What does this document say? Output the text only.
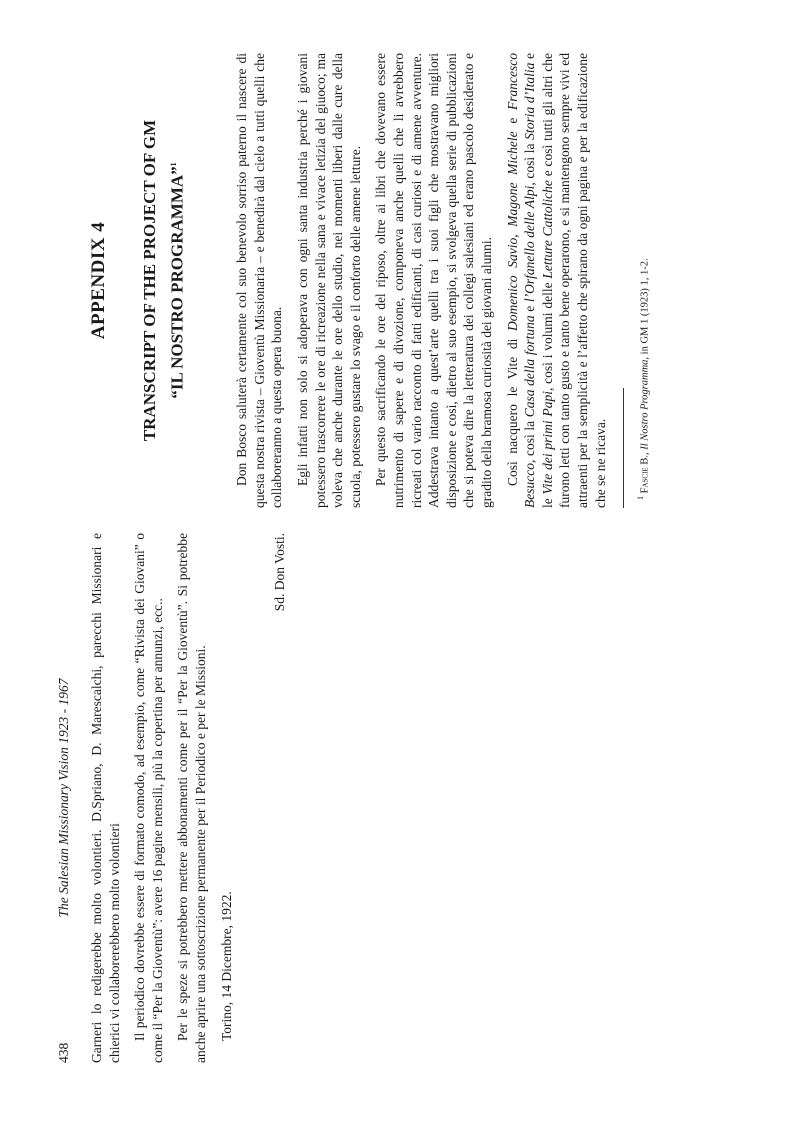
438
The Salesian Missionary Vision 1923 - 1967 Garneri lo redigerebbe molto volontieri. D.Spriano, D. Marescalchi, parecchi Missionari e chierici vi collaborerebbero molto volontieri Il periodico dovrebbe essere di formato comodo, ad esempio, come “Rivista dei Giovani” o come il “Per la Gioventù”: avere 16 pagine mensili, più la copertina per annunzi, ecc.. Per le speze si potrebbero mettere abbonamenti come per il “Per la Gioventù”. Si potrebbe anche aprire una sottoscrizione permanente per il Periodico e per le Missioni. Torino, 14 Dicembre, 1922.

Sd. Don Vosti.
APPENDIX 4 TRANSCRIPT OF THE PROJECT OF GM “IL NOSTRO PROGRAMMA”$^1$	Don Bosco saluterà certamente col suo benevolo sorriso paterno il nascere di questa nostra rivista – Gioventù Missionaria – e benedirà dal cielo a tutti quelli che collaboreranno a questa opera buona. Egli infatti non solo si adoperava con ogni santa industria perché i giovani potessero trascorrere le ore di ricreazione nella sana e vivace letizia del giuoco; ma voleva che anche durante le ore dello studio, nei momenti liberi dalle cure della scuola, potessero gustare lo svago e il conforto delle amene letture. Per questo sacrificando le ore del riposo, oltre ai libri che dovevano essere nutrimento di sapere e di divozione, componeva anche quelli che li avrebbero ricreati col vario racconto di fatti edificanti, di casi curiosi e di amene avventure. Addestrava intanto a quest’arte quelli tra i suoi figli che mostravano migliori disposizione e così, dietro al suo esempio, si svolgeva quella serie di pubblicazioni che si poteva dire la letteratura dei collegi salesiani ed erano pascolo desiderato e gradito della bramosa curiosità dei giovani alunni. Così nacquero le Vite di Domenico Savio, Magone Michele e Francesco Besucco, così la Casa della fortuna e l’Orfanello delle Alpi, così la Storia d’Italia e le Vite dei primi Papi, così i volumi delle Letture Cattoliche e così tutti gli altri che furono letti con tanto gusto e tanto bene operarono, e si mantengono sempre vivi ed attraenti per la semplicità e l’affetto che spirano da ogni pagina e per la edificazione che se ne ricava.	$^1$ Fascie B., Il Nostro Programma, in GM 1 (1923) 1, 1-2.
